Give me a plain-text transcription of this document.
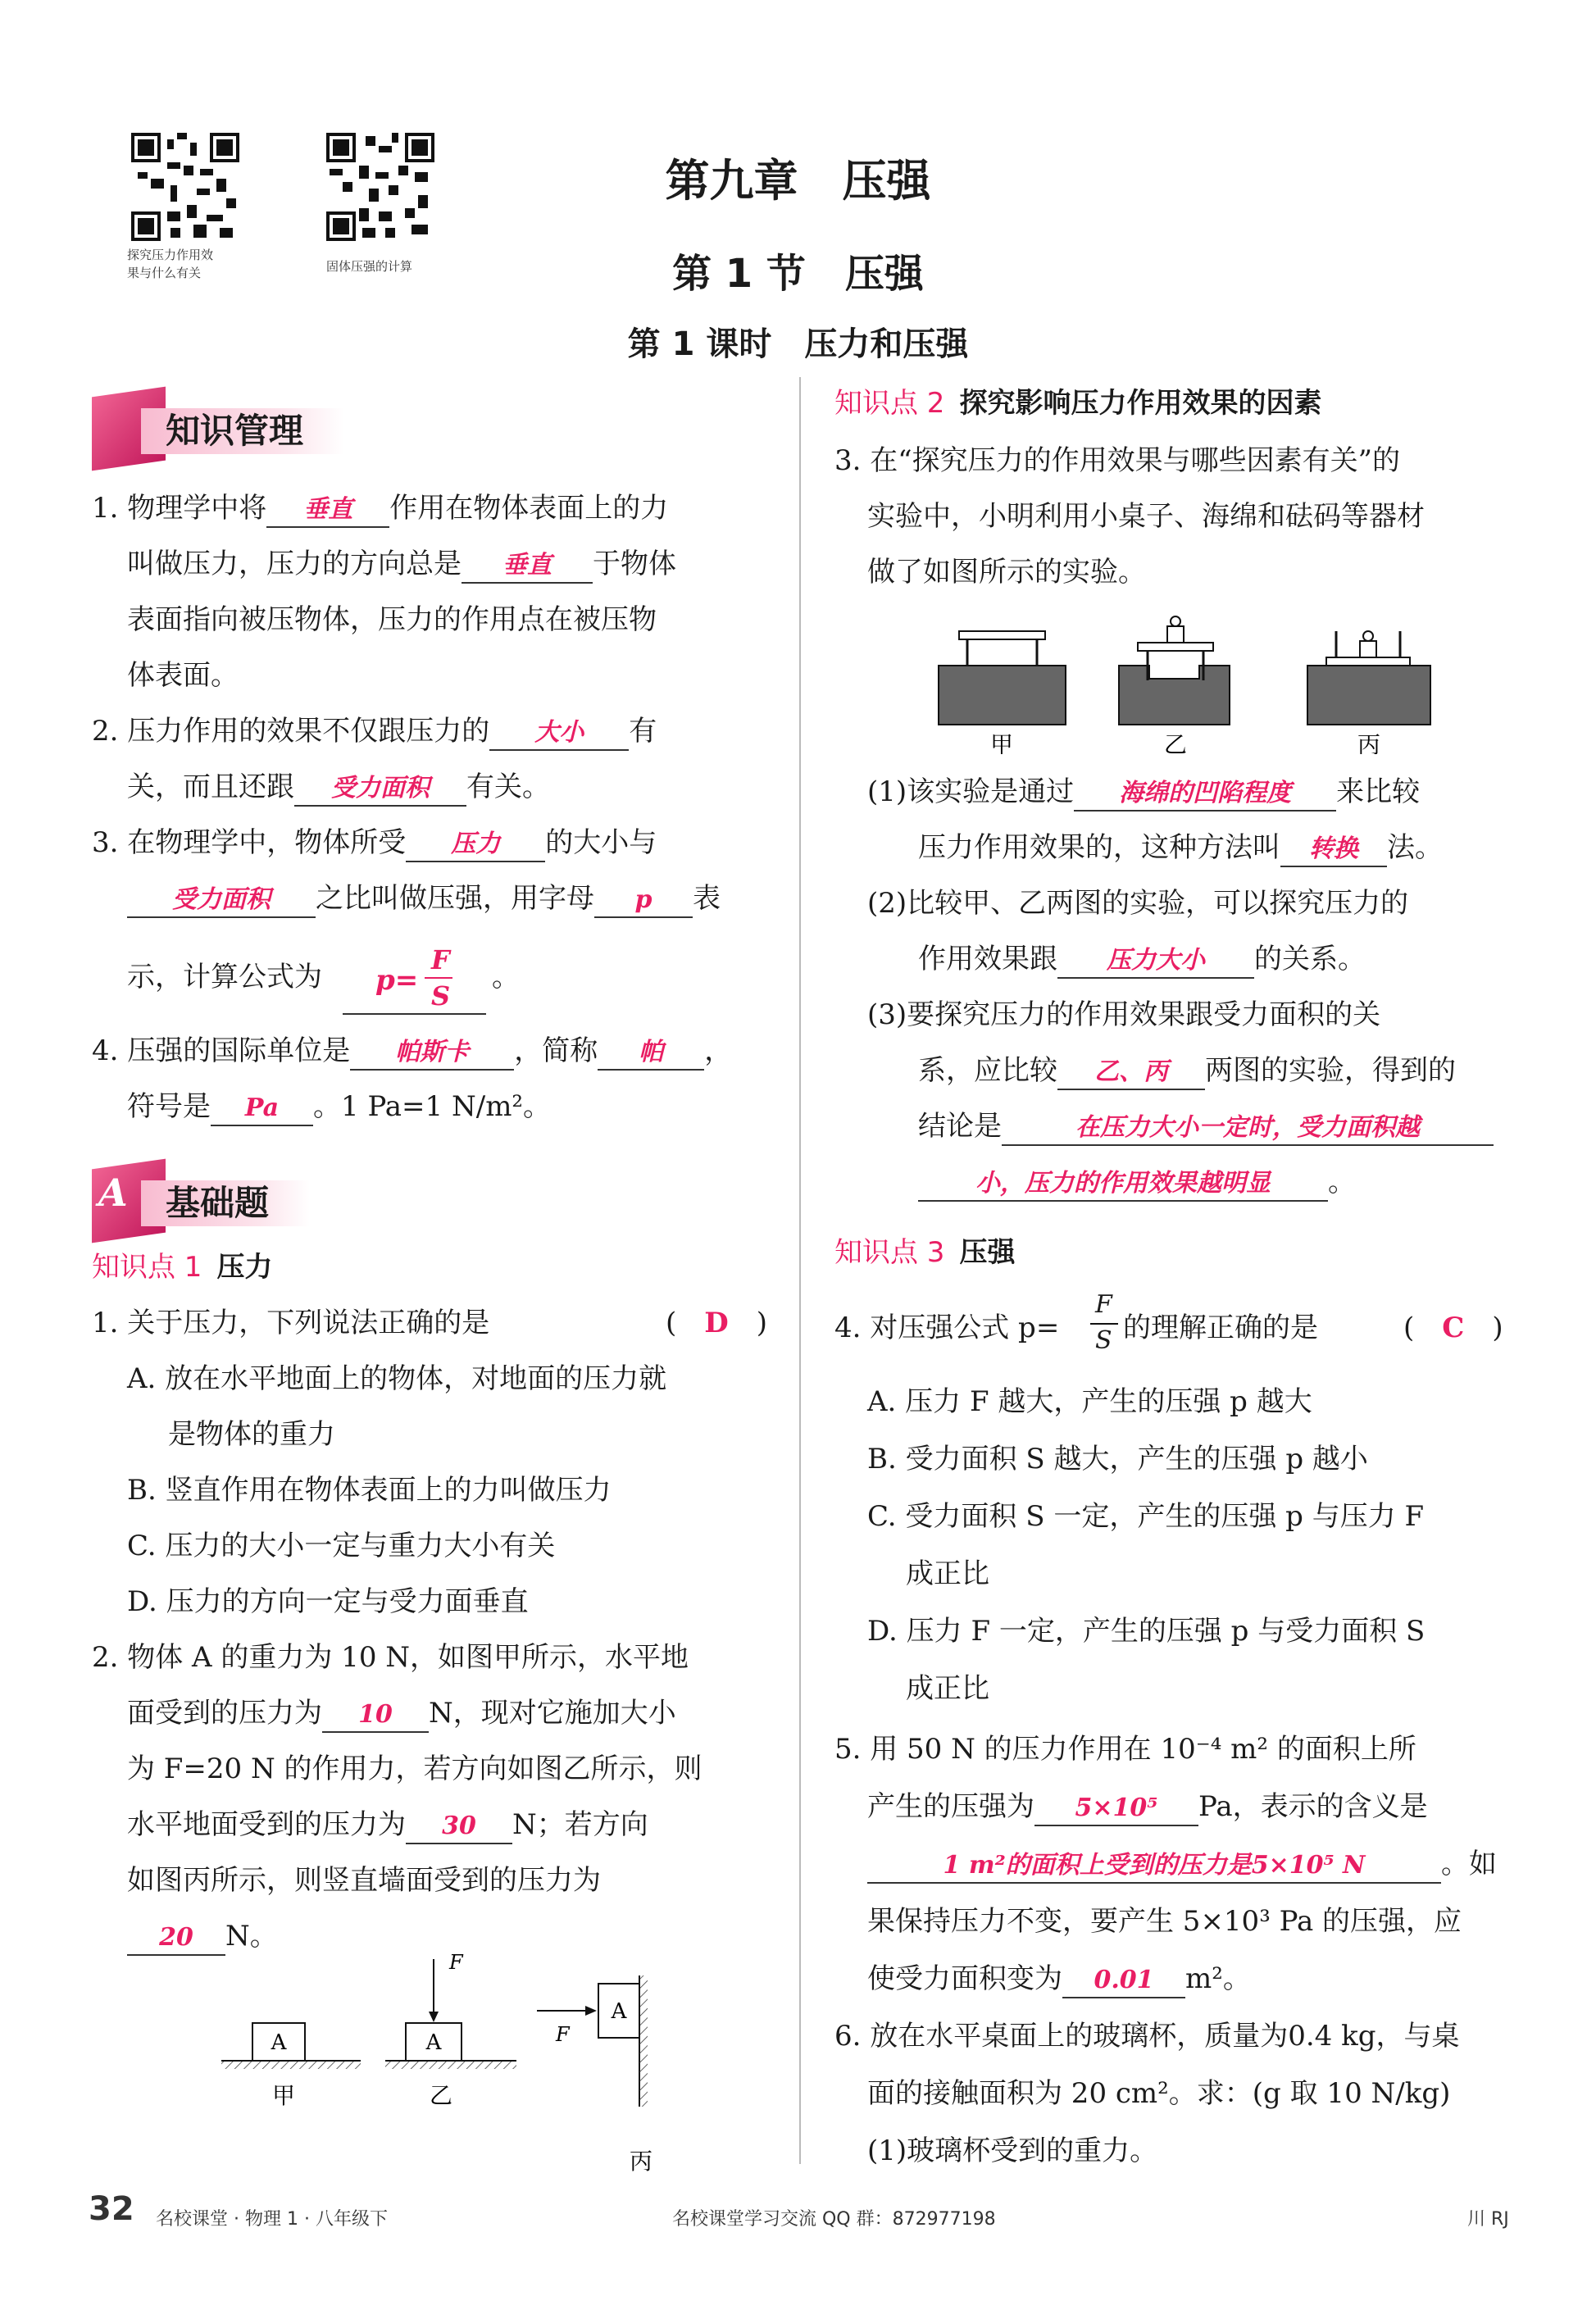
探究压力作用效
果与什么有关	固体压强的计算
第九章　压强
第 1 节　压强
第 1 课时　压力和压强
知识管理
1. 物理学中将 垂直 作用在物体表面上的力
叫做压力，压力的方向总是 垂直 于物体
表面指向被压物体，压力的作用点在被压物
体表面。
2. 压力作用的效果不仅跟压力的 大小 有
关，而且还跟 受力面积 有关。
3. 在物理学中，物体所受 压力 的大小与
受力面积 之比叫做压强，用字母 p 表
示，计算公式为 p=
F
S
。
4. 压强的国际单位是 帕斯卡 ，简称 帕 ，
符号是 Pa 。1 Pa=1 N/m²。
A	基础题
知识点 1 压力
1. 关于压力，下列说法正确的是	(　D　)
A. 放在水平地面上的物体，对地面的压力就
是物体的重力
B. 竖直作用在物体表面上的力叫做压力
C. 压力的大小一定与重力大小有关
D. 压力的方向一定与受力面垂直
2. 物体 A 的重力为 10 N，如图甲所示，水平地
面受到的压力为 10 N，现对它施加大小
为 F=20 N 的作用力，若方向如图乙所示，则
水平地面受到的压力为 30 N；若方向
如图丙所示，则竖直墙面受到的压力为
20 N。
A
甲
A
F
乙
A
F
丙
知识点 2 探究影响压力作用效果的因素
3. 在“探究压力的作用效果与哪些因素有关”的
实验中，小明利用小桌子、海绵和砝码等器材
做了如图所示的实验。
甲	乙	丙
(1)该实验是通过 海绵的凹陷程度 来比较
压力作用效果的，这种方法叫 转换 法。
(2)比较甲、乙两图的实验，可以探究压力的
作用效果跟 压力大小 的关系。
(3)要探究压力的作用效果跟受力面积的关
系，应比较 乙、丙 两图的实验，得到的
结论是	在压力大小一定时，受力面积越
小，压力的作用效果越明显 。
知识点 3 压强
4. 对压强公式 p=
F
S 的理解正确的是	(　C　)
A. 压力 F 越大，产生的压强 p 越大
B. 受力面积 S 越大，产生的压强 p 越小
C. 受力面积 S 一定，产生的压强 p 与压力 F
成正比
D. 压力 F 一定，产生的压强 p 与受力面积 S
成正比
5. 用 50 N 的压力作用在 10⁻⁴ m² 的面积上所
产生的压强为 5×10⁵ Pa，表示的含义是
1 m²的面积上受到的压力是5×10⁵ N	。如
果保持压力不变，要产生 5×10³ Pa 的压强，应
使受力面积变为 0.01 m²。
6. 放在水平桌面上的玻璃杯，质量为0.4 kg，与桌
面的接触面积为 20 cm²。求：(g 取 10 N/kg)
(1)玻璃杯受到的重力。
32 名校课堂 · 物理 1 · 八年级下	名校课堂学习交流 QQ 群：872977198	川 RJ
